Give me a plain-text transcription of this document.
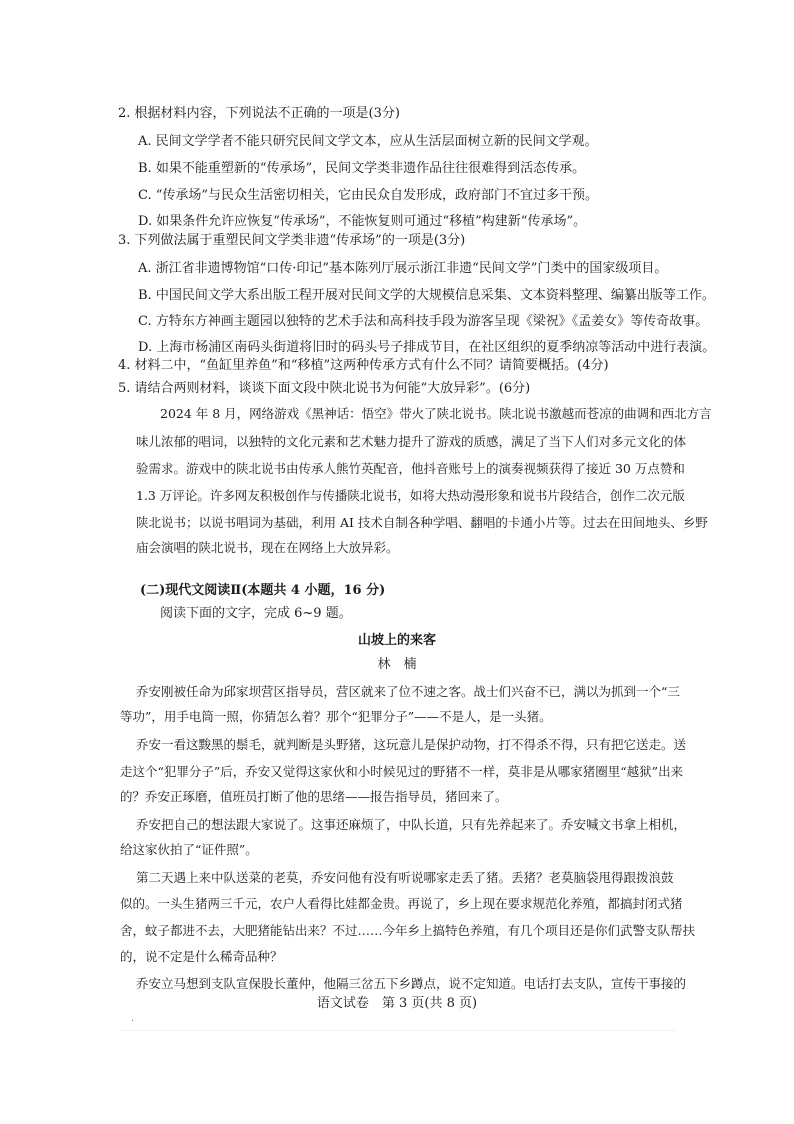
2. 根据材料内容，下列说法不正确的一项是(3分)
A. 民间文学学者不能只研究民间文学文本，应从生活层面树立新的民间文学观。
B. 如果不能重塑新的“传承场”，民间文学类非遗作品往往很难得到活态传承。
C. “传承场”与民众生活密切相关，它由民众自发形成，政府部门不宜过多干预。
D. 如果条件允许应恢复“传承场”，不能恢复则可通过“移植”构建新“传承场”。
3. 下列做法属于重塑民间文学类非遗“传承场”的一项是(3分)
A. 浙江省非遗博物馆“口传·印记”基本陈列厅展示浙江非遗“民间文学”门类中的国家级项目。
B. 中国民间文学大系出版工程开展对民间文学的大规模信息采集、文本资料整理、编纂出版等工作。
C. 方特东方神画主题园以独特的艺术手法和高科技手段为游客呈现《梁祝》《孟姜女》等传奇故事。
D. 上海市杨浦区南码头街道将旧时的码头号子排成节目，在社区组织的夏季纳凉等活动中进行表演。
4. 材料二中，“鱼缸里养鱼”和“移植”这两种传承方式有什么不同？请简要概括。(4分)
5. 请结合两则材料，谈谈下面文段中陕北说书为何能“大放异彩”。(6分)
2024 年 8 月，网络游戏《黑神话：悟空》带火了陕北说书。陕北说书激越而苍凉的曲调和西北方言
味儿浓郁的唱词，以独特的文化元素和艺术魅力提升了游戏的质感，满足了当下人们对多元文化的体
验需求。游戏中的陕北说书由传承人熊竹英配音，他抖音账号上的演奏视频获得了接近 30 万点赞和
1.3 万评论。许多网友积极创作与传播陕北说书，如将大热动漫形象和说书片段结合，创作二次元版
陕北说书；以说书唱词为基础，利用 AI 技术自制各种学唱、翻唱的卡通小片等。过去在田间地头、乡野
庙会演唱的陕北说书，现在在网络上大放异彩。
(二)现代文阅读Ⅱ(本题共 4 小题，16 分)
阅读下面的文字，完成 6~9 题。
山坡上的来客
林　楠
乔安刚被任命为邱家坝营区指导员，营区就来了位不速之客。战士们兴奋不已，满以为抓到一个“三
等功”，用手电筒一照，你猜怎么着？那个“犯罪分子”——不是人，是一头猪。
乔安一看这黢黑的鬃毛，就判断是头野猪，这玩意儿是保护动物，打不得杀不得，只有把它送走。送
走这个“犯罪分子”后，乔安又觉得这家伙和小时候见过的野猪不一样，莫非是从哪家猪圈里“越狱”出来
的？乔安正琢磨，值班员打断了他的思绪——报告指导员，猪回来了。
乔安把自己的想法跟大家说了。这事还麻烦了，中队长道，只有先养起来了。乔安喊文书拿上相机，
给这家伙拍了“证件照”。
第二天遇上来中队送菜的老莫，乔安问他有没有听说哪家走丢了猪。丢猪？老莫脑袋甩得跟拨浪鼓
似的。一头生猪两三千元，农户人看得比娃都金贵。再说了，乡上现在要求规范化养殖，都搞封闭式猪
舍，蚊子都进不去，大肥猪能钻出来？不过……今年乡上搞特色养殖，有几个项目还是你们武警支队帮扶
的，说不定是什么稀奇品种？
乔安立马想到支队宣保股长董仲，他隔三岔五下乡蹲点，说不定知道。电话打去支队，宣传干事接的
语文试卷　第 3 页(共 8 页)
·
